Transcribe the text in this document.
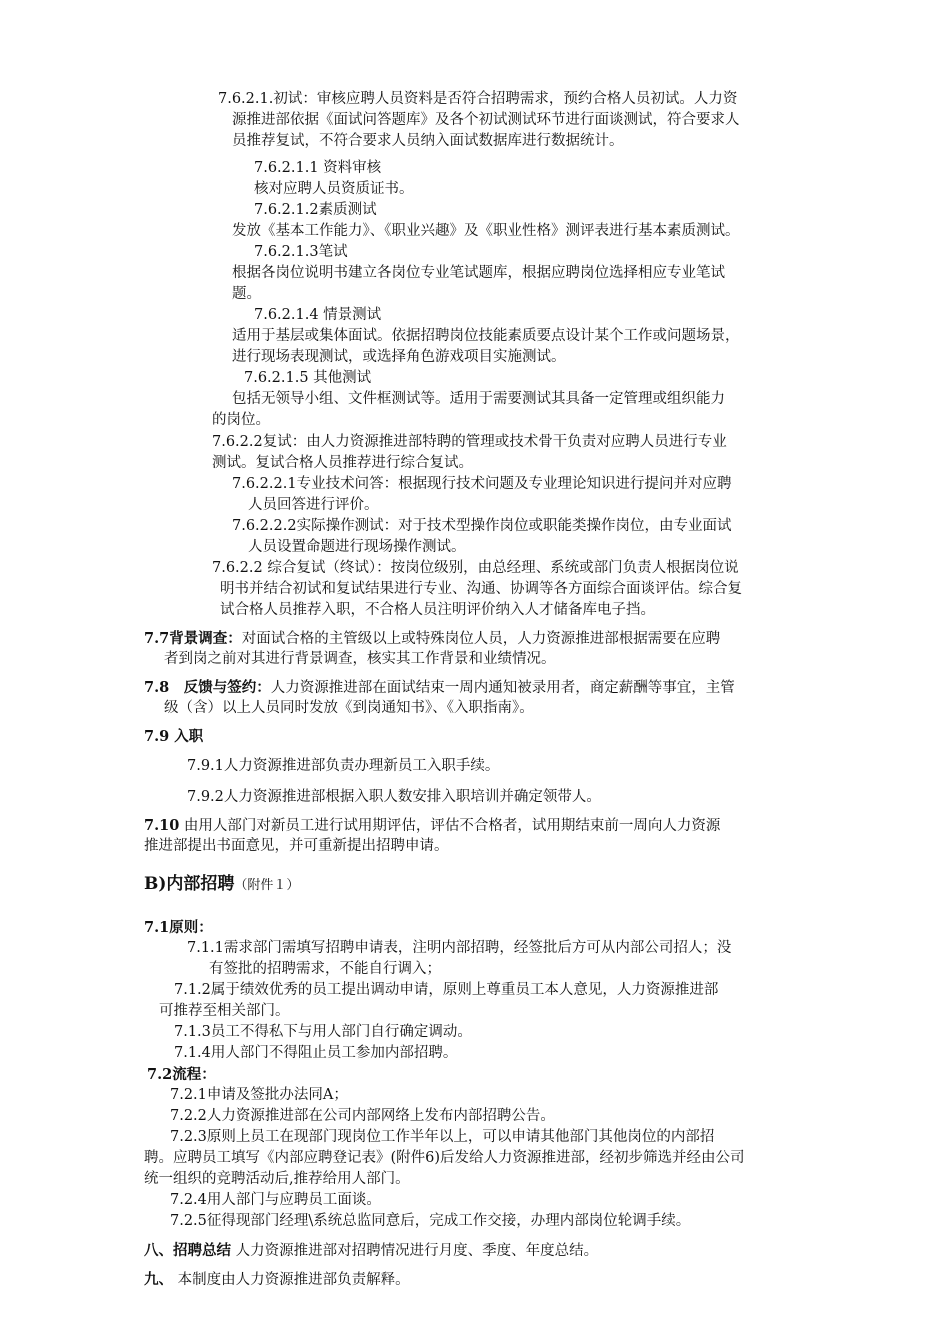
7.6.2.1.初试：审核应聘人员资料是否符合招聘需求，预约合格人员初试。人力资
源推进部依据《面试问答题库》及各个初试测试环节进行面谈测试，符合要求人
员推荐复试，不符合要求人员纳入面试数据库进行数据统计。
7.6.2.1.1 资料审核
核对应聘人员资质证书。
7.6.2.1.2素质测试
发放《基本工作能力》、《职业兴趣》及《职业性格》测评表进行基本素质测试。
7.6.2.1.3笔试
根据各岗位说明书建立各岗位专业笔试题库，根据应聘岗位选择相应专业笔试
题。
7.6.2.1.4 情景测试
适用于基层或集体面试。依据招聘岗位技能素质要点设计某个工作或问题场景，
进行现场表现测试，或选择角色游戏项目实施测试。
7.6.2.1.5 其他测试
包括无领导小组、文件框测试等。适用于需要测试其具备一定管理或组织能力
的岗位。
7.6.2.2复试：由人力资源推进部特聘的管理或技术骨干负责对应聘人员进行专业
测试。复试合格人员推荐进行综合复试。
7.6.2.2.1专业技术问答：根据现行技术问题及专业理论知识进行提问并对应聘
人员回答进行评价。
7.6.2.2.2实际操作测试：对于技术型操作岗位或职能类操作岗位，由专业面试
人员设置命题进行现场操作测试。
7.6.2.2 综合复试（终试）：按岗位级别，由总经理、系统或部门负责人根据岗位说
明书并结合初试和复试结果进行专业、沟通、协调等各方面综合面谈评估。综合复
试合格人员推荐入职，不合格人员注明评价纳入人才储备库电子挡。
7.7背景调查：对面试合格的主管级以上或特殊岗位人员，人力资源推进部根据需要在应聘
者到岗之前对其进行背景调查，核实其工作背景和业绩情况。
7.8　反馈与签约：人力资源推进部在面试结束一周内通知被录用者，商定薪酬等事宜，主管
级（含）以上人员同时发放《到岗通知书》、《入职指南》。
7.9 入职
7.9.1人力资源推进部负责办理新员工入职手续。
7.9.2人力资源推进部根据入职人数安排入职培训并确定领带人。
7.10 由用人部门对新员工进行试用期评估，评估不合格者，试用期结束前一周向人力资源
推进部提出书面意见，并可重新提出招聘申请。
B)内部招聘（附件１）
7.1原则：
7.1.1需求部门需填写招聘申请表，注明内部招聘，经签批后方可从内部公司招人；没
有签批的招聘需求，不能自行调入；
7.1.2属于绩效优秀的员工提出调动申请，原则上尊重员工本人意见，人力资源推进部
可推荐至相关部门。
7.1.3员工不得私下与用人部门自行确定调动。
7.1.4用人部门不得阻止员工参加内部招聘。
7.2流程：
7.2.1申请及签批办法同A；
7.2.2人力资源推进部在公司内部网络上发布内部招聘公告。
7.2.3原则上员工在现部门现岗位工作半年以上，可以申请其他部门其他岗位的内部招
聘。应聘员工填写《内部应聘登记表》(附件6)后发给人力资源推进部，经初步筛选并经由公司
统一组织的竞聘活动后,推荐给用人部门。
7.2.4用人部门与应聘员工面谈。
7.2.5征得现部门经理\系统总监同意后，完成工作交接，办理内部岗位轮调手续。
八、招聘总结 人力资源推进部对招聘情况进行月度、季度、年度总结。
九、 本制度由人力资源推进部负责解释。
